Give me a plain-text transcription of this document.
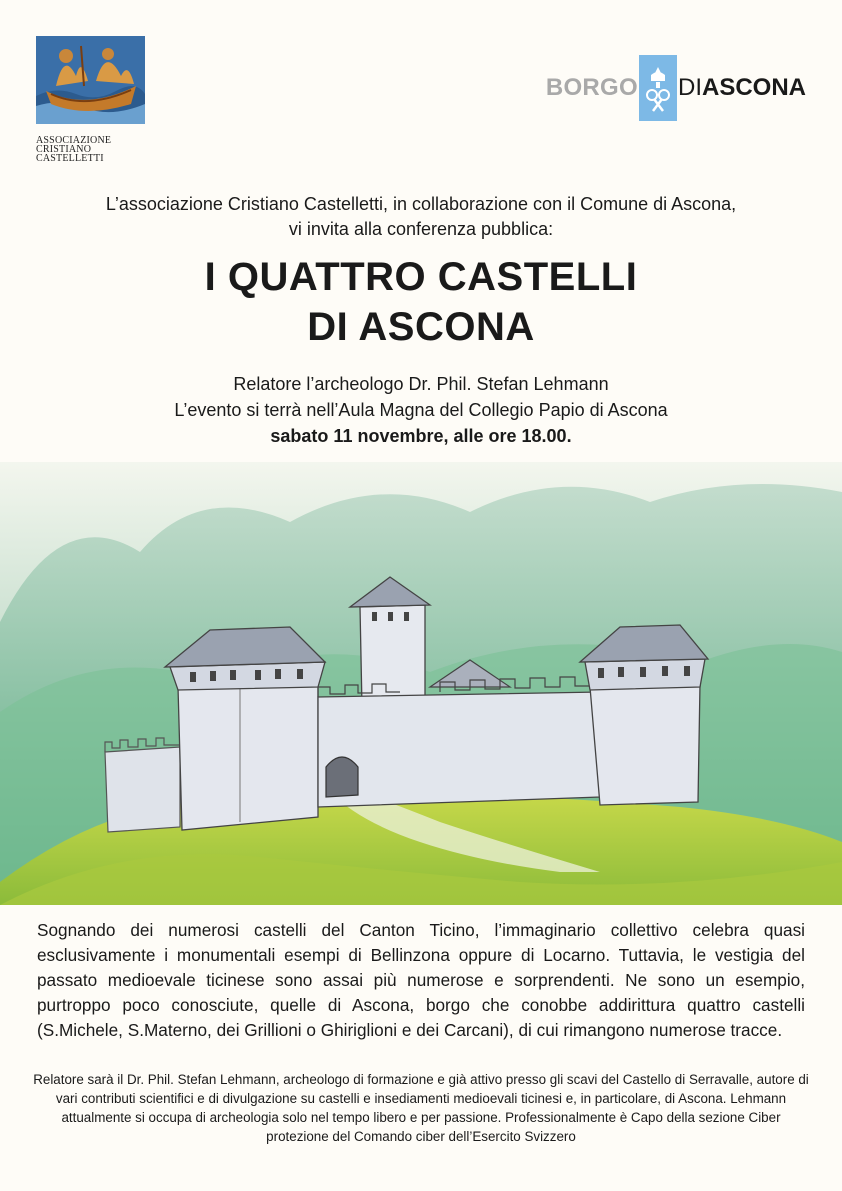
ASSOCIAZIONE
CRISTIANO
CASTELLETTI
BORGO DI ASCONA
L’associazione Cristiano Castelletti, in collaborazione con il Comune di Ascona,
vi invita alla conferenza pubblica:
I QUATTRO CASTELLI
DI ASCONA
Relatore l’archeologo Dr. Phil. Stefan Lehmann
L’evento si terrà nell’Aula Magna del Collegio Papio di Ascona
sabato 11 novembre, alle ore 18.00.
Sognando dei numerosi castelli del Canton Ticino, l’immaginario collettivo celebra quasi esclusivamente i monumentali esempi di Bellinzona oppure di Locarno. Tuttavia, le vestigia del passato medioevale ticinese sono assai più numerose e sorprendenti. Ne sono un esempio, purtroppo poco conosciute, quelle di Ascona, borgo che conobbe addirittura quattro castelli (S.Michele, S.Materno, dei Grillioni o Ghiriglioni e dei Carcani), di cui rimangono numerose tracce.
Relatore sarà il Dr. Phil. Stefan Lehmann, archeologo di formazione e già attivo presso gli scavi del Castello di Serravalle, autore di vari contributi scientifici e di divulgazione su castelli e insediamenti medioevali ticinesi e, in particolare, di Ascona. Lehmann attualmente si occupa di archeologia solo nel tempo libero e per passione. Professionalmente è Capo della sezione Ciber protezione del Comando ciber dell’Esercito Svizzero
